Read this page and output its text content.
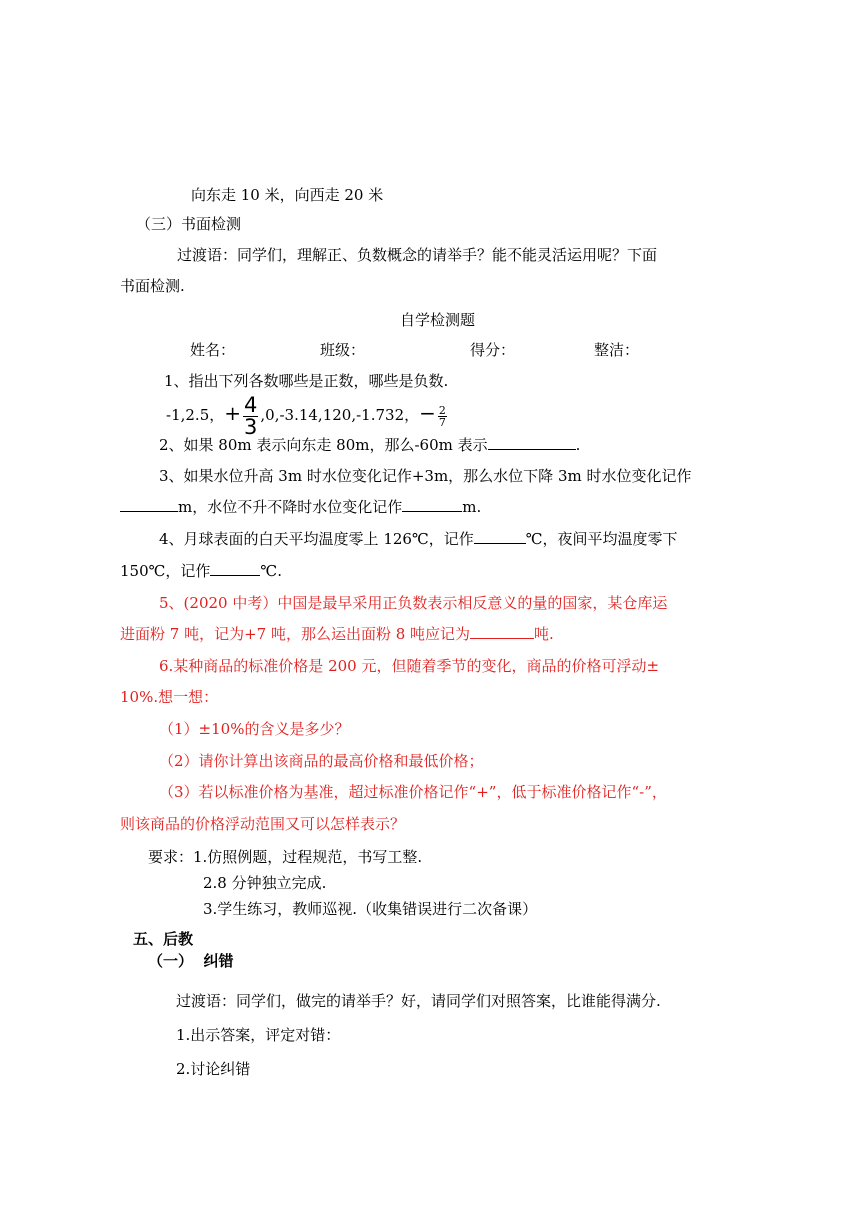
向东走 10 米，向西走 20 米
（三）书面检测
过渡语：同学们，理解正、负数概念的请举手？能不能灵活运用呢？下面
书面检测.
自学检测题
姓名：	班级：	得分：	整洁：
1、指出下列各数哪些是正数，哪些是负数.
-1,2.5，+ $\frac{4}{3} ,0,-3.14,120,-1.732$，− $\frac{2}{7}$
2、如果 80m 表示向东走 80m，那么-60m 表示	.
3、如果水位升高 3m 时水位变化记作+3m，那么水位下降 3m 时水位变化记作
m，水位不升不降时水位变化记作	m.
4、月球表面的白天平均温度零上 126℃，记作	℃，夜间平均温度零下
150℃，记作	℃.
5、(2020 中考）中国是最早采用正负数表示相反意义的量的国家，某仓库运
进面粉 7 吨，记为+7 吨，那么运出面粉 8 吨应记为	吨.
6.某种商品的标准价格是 200 元，但随着季节的变化，商品的价格可浮动±
10%.想一想：
（1）±10%的含义是多少？
（2）请你计算出该商品的最高价格和最低价格；
（3）若以标准价格为基准，超过标准价格记作“+”，低于标准价格记作“-”，
则该商品的价格浮动范围又可以怎样表示？
要求：1.仿照例题，过程规范，书写工整.
2.8 分钟独立完成.
3.学生练习，教师巡视.（收集错误进行二次备课）
五、后教
（一） 纠错
过渡语：同学们，做完的请举手？好，请同学们对照答案，比谁能得满分.
1.出示答案，评定对错：
2.讨论纠错
